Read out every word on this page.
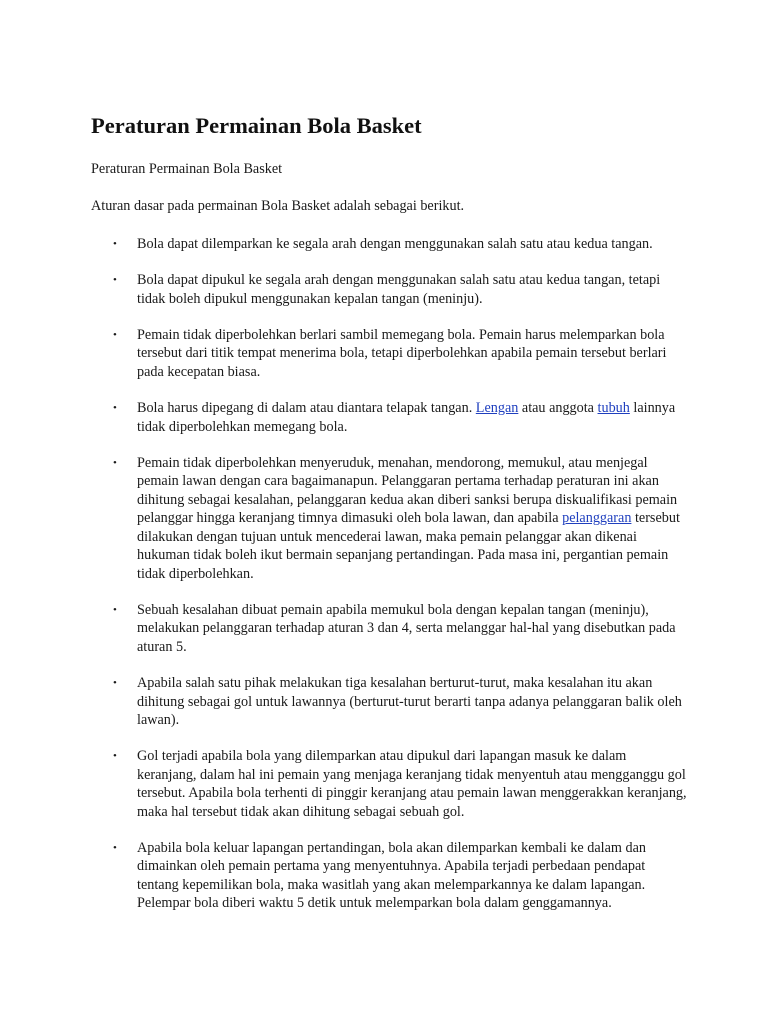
Peraturan Permainan Bola Basket

Peraturan Permainan Bola Basket

Aturan dasar pada permainan Bola Basket adalah sebagai berikut.

• Bola dapat dilemparkan ke segala arah dengan menggunakan salah satu atau kedua tangan.
• Bola dapat dipukul ke segala arah dengan menggunakan salah satu atau kedua tangan, tetapi tidak boleh dipukul menggunakan kepalan tangan (meninju).
• Pemain tidak diperbolehkan berlari sambil memegang bola. Pemain harus melemparkan bola tersebut dari titik tempat menerima bola, tetapi diperbolehkan apabila pemain tersebut berlari pada kecepatan biasa.
• Bola harus dipegang di dalam atau diantara telapak tangan. Lengan atau anggota tubuh lainnya tidak diperbolehkan memegang bola.
• Pemain tidak diperbolehkan menyeruduk, menahan, mendorong, memukul, atau menjegal pemain lawan dengan cara bagaimanapun. Pelanggaran pertama terhadap peraturan ini akan dihitung sebagai kesalahan, pelanggaran kedua akan diberi sanksi berupa diskualifikasi pemain pelanggar hingga keranjang timnya dimasuki oleh bola lawan, dan apabila pelanggaran tersebut dilakukan dengan tujuan untuk mencederai lawan, maka pemain pelanggar akan dikenai hukuman tidak boleh ikut bermain sepanjang pertandingan. Pada masa ini, pergantian pemain tidak diperbolehkan.
• Sebuah kesalahan dibuat pemain apabila memukul bola dengan kepalan tangan (meninju), melakukan pelanggaran terhadap aturan 3 dan 4, serta melanggar hal-hal yang disebutkan pada aturan 5.
• Apabila salah satu pihak melakukan tiga kesalahan berturut-turut, maka kesalahan itu akan dihitung sebagai gol untuk lawannya (berturut-turut berarti tanpa adanya pelanggaran balik oleh lawan).
• Gol terjadi apabila bola yang dilemparkan atau dipukul dari lapangan masuk ke dalam keranjang, dalam hal ini pemain yang menjaga keranjang tidak menyentuh atau mengganggu gol tersebut. Apabila bola terhenti di pinggir keranjang atau pemain lawan menggerakkan keranjang, maka hal tersebut tidak akan dihitung sebagai sebuah gol.
• Apabila bola keluar lapangan pertandingan, bola akan dilemparkan kembali ke dalam dan dimainkan oleh pemain pertama yang menyentuhnya. Apabila terjadi perbedaan pendapat tentang kepemilikan bola, maka wasitlah yang akan melemparkannya ke dalam lapangan. Pelempar bola diberi waktu 5 detik untuk melemparkan bola dalam genggamannya.
